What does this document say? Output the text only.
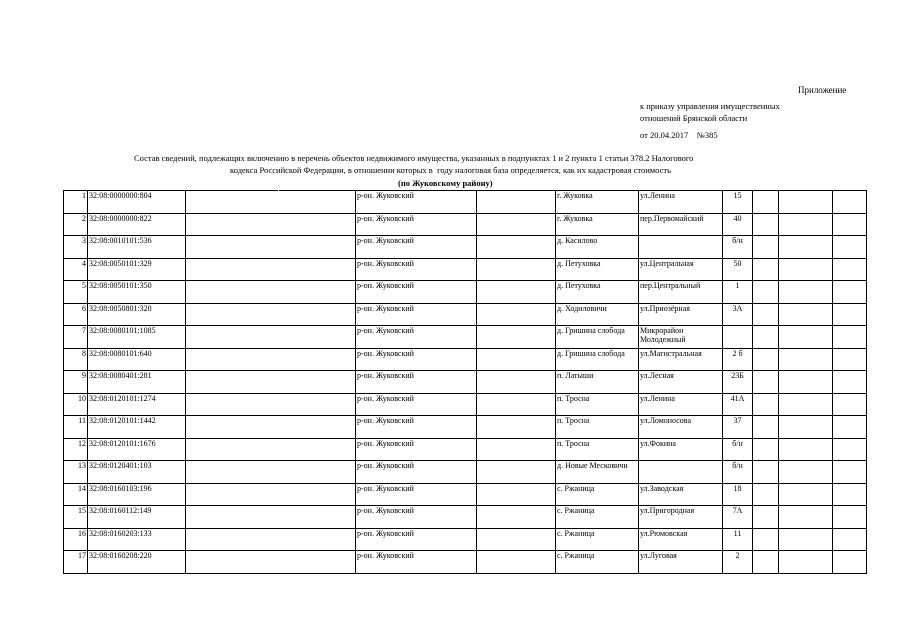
Приложение
к приказу управления имущественных
отношений Брянской области
от 20.04.2017    №385
Состав сведений, подлежащих включению в перечень объектов недвижимого имущества, указанных в подпунктах 1 и 2 пункта 1 статьи 378.2 Налогового
кодекса Российской Федерации, в отношении которых в  году налоговая база определяется, как их кадастровая стоимость
(по Жуковскому району)
1	32:08:0000000:804			р-он. Жуковский		г. Жуковка	ул.Ленина	15			
2	32:08:0000000:822			р-он. Жуковский		г. Жуковка	пер.Первомайский	40			
3	32:08:0010101:536			р-он. Жуковский		д. Касилово		б/н			
4	32:08:0050101:329			р-он. Жуковский		д. Петуховка	ул.Центральная	50			
5	32:08:0050101:350			р-он. Жуковский		д. Петуховка	пер.Центральный	1			
6	32:08:0050801:320			р-он. Жуковский		д. Ходиловичи	ул.Приозёрная	3А			
7	32:08:0080101:1085			р-он. Жуковский		д. Гришина слобода	Микрорайон Молодежный				
8	32:08:0080101:640			р-он. Жуковский		д. Гришина слобода	ул.Магистральная	2 б			
9	32:08:0080401:281			р-он. Жуковский		п. Латыши	ул.Лесная	23Б			
10	32:08:0120101:1274			р-он. Жуковский		п. Тросна	ул.Ленина	41А			
11	32:08:0120101:1442			р-он. Жуковский		п. Тросна	ул.Ломоносова	37			
12	32:08:0120101:1676			р-он. Жуковский		п. Тросна	ул.Фокина	б/н			
13	32:08:0120401:103			р-он. Жуковский		д. Новые Месковичи		б/н			
14	32:08:0160103:196			р-он. Жуковский		с. Ржаница	ул.Заводская	18			
15	32:08:0160112:149			р-он. Жуковский		с. Ржаница	ул.Пригородная	7А			
16	32:08:0160203:133			р-он. Жуковский		с. Ржаница	ул.Рюмовская	11			
17	32:08:0160208:220			р-он. Жуковский		с. Ржаница	ул.Луговая	2			
